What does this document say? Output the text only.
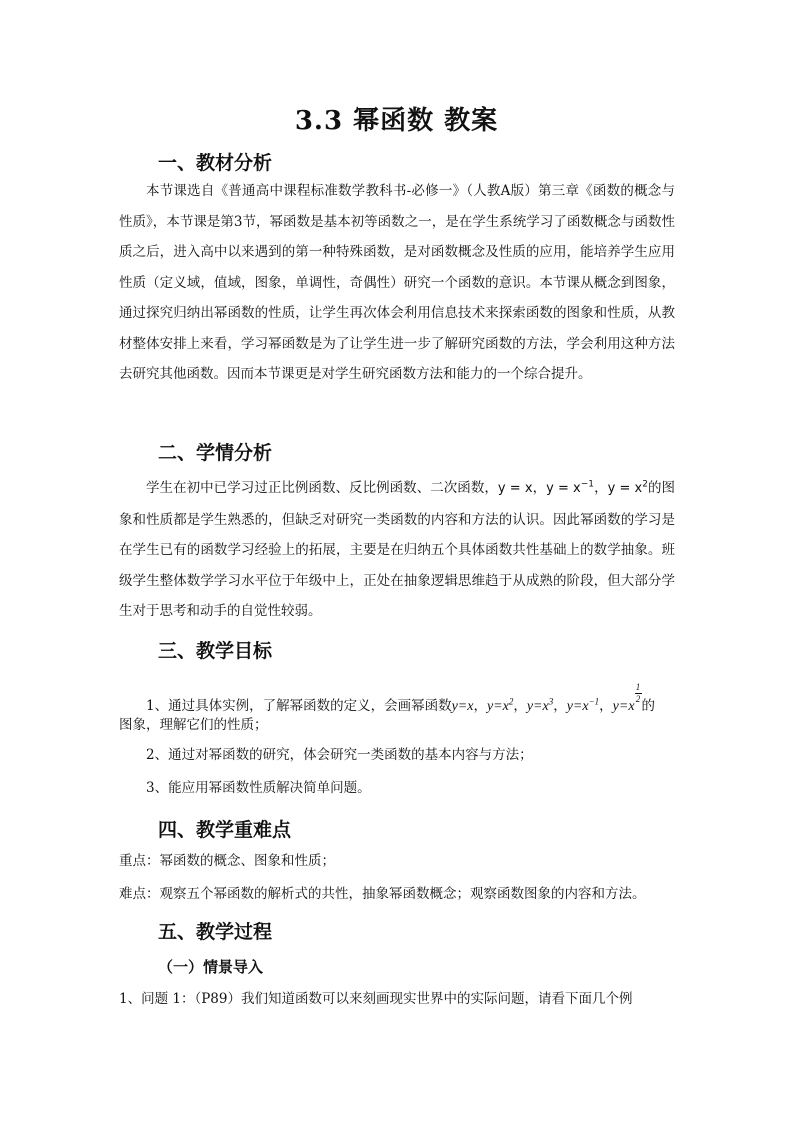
3.3 幂函数 教案
一、教材分析

本节课选自《普通高中课程标准数学教科书-必修一》（人教A版）第三章《函数的概念与性质》，本节课是第3节，幂函数是基本初等函数之一，是在学生系统学习了函数概念与函数性质之后，进入高中以来遇到的第一种特殊函数，是对函数概念及性质的应用，能培养学生应用性质（定义域，值域，图象，单调性，奇偶性）研究一个函数的意识。本节课从概念到图象，通过探究归纳出幂函数的性质，让学生再次体会利用信息技术来探索函数的图象和性质，从教材整体安排上来看，学习幂函数是为了让学生进一步了解研究函数的方法，学会利用这种方法去研究其他函数。因而本节课更是对学生研究函数方法和能力的一个综合提升。

二、学情分析

学生在初中已学习过正比例函数、反比例函数、二次函数，y = x，$y = x^{-1}$，$y = x^2$的图象和性质都是学生熟悉的，但缺乏对研究一类函数的内容和方法的认识。因此幂函数的学习是在学生已有的函数学习经验上的拓展，主要是在归纳五个具体函数共性基础上的数学抽象。班级学生整体数学学习水平位于年级中上，正处在抽象逻辑思维趋于从成熟的阶段，但大部分学生对于思考和动手的自觉性较弱。

三、教学目标

1、通过具体实例，了解幂函数的定义，会画幂函数y=x，$y=x^2$，$y=x^3$，$y=x^{-1}$，y=x
$\frac{1}{2}$
的

图象，理解它们的性质；

2、通过对幂函数的研究，体会研究一类函数的基本内容与方法；

3、能应用幂函数性质解决简单问题。

四、教学重难点

重点：幂函数的概念、图象和性质；

难点：观察五个幂函数的解析式的共性，抽象幂函数概念；观察函数图象的内容和方法。

五、教学过程
（一）情景导入

1、问题 1：（P89）我们知道函数可以来刻画现实世界中的实际问题，请看下面几个例
